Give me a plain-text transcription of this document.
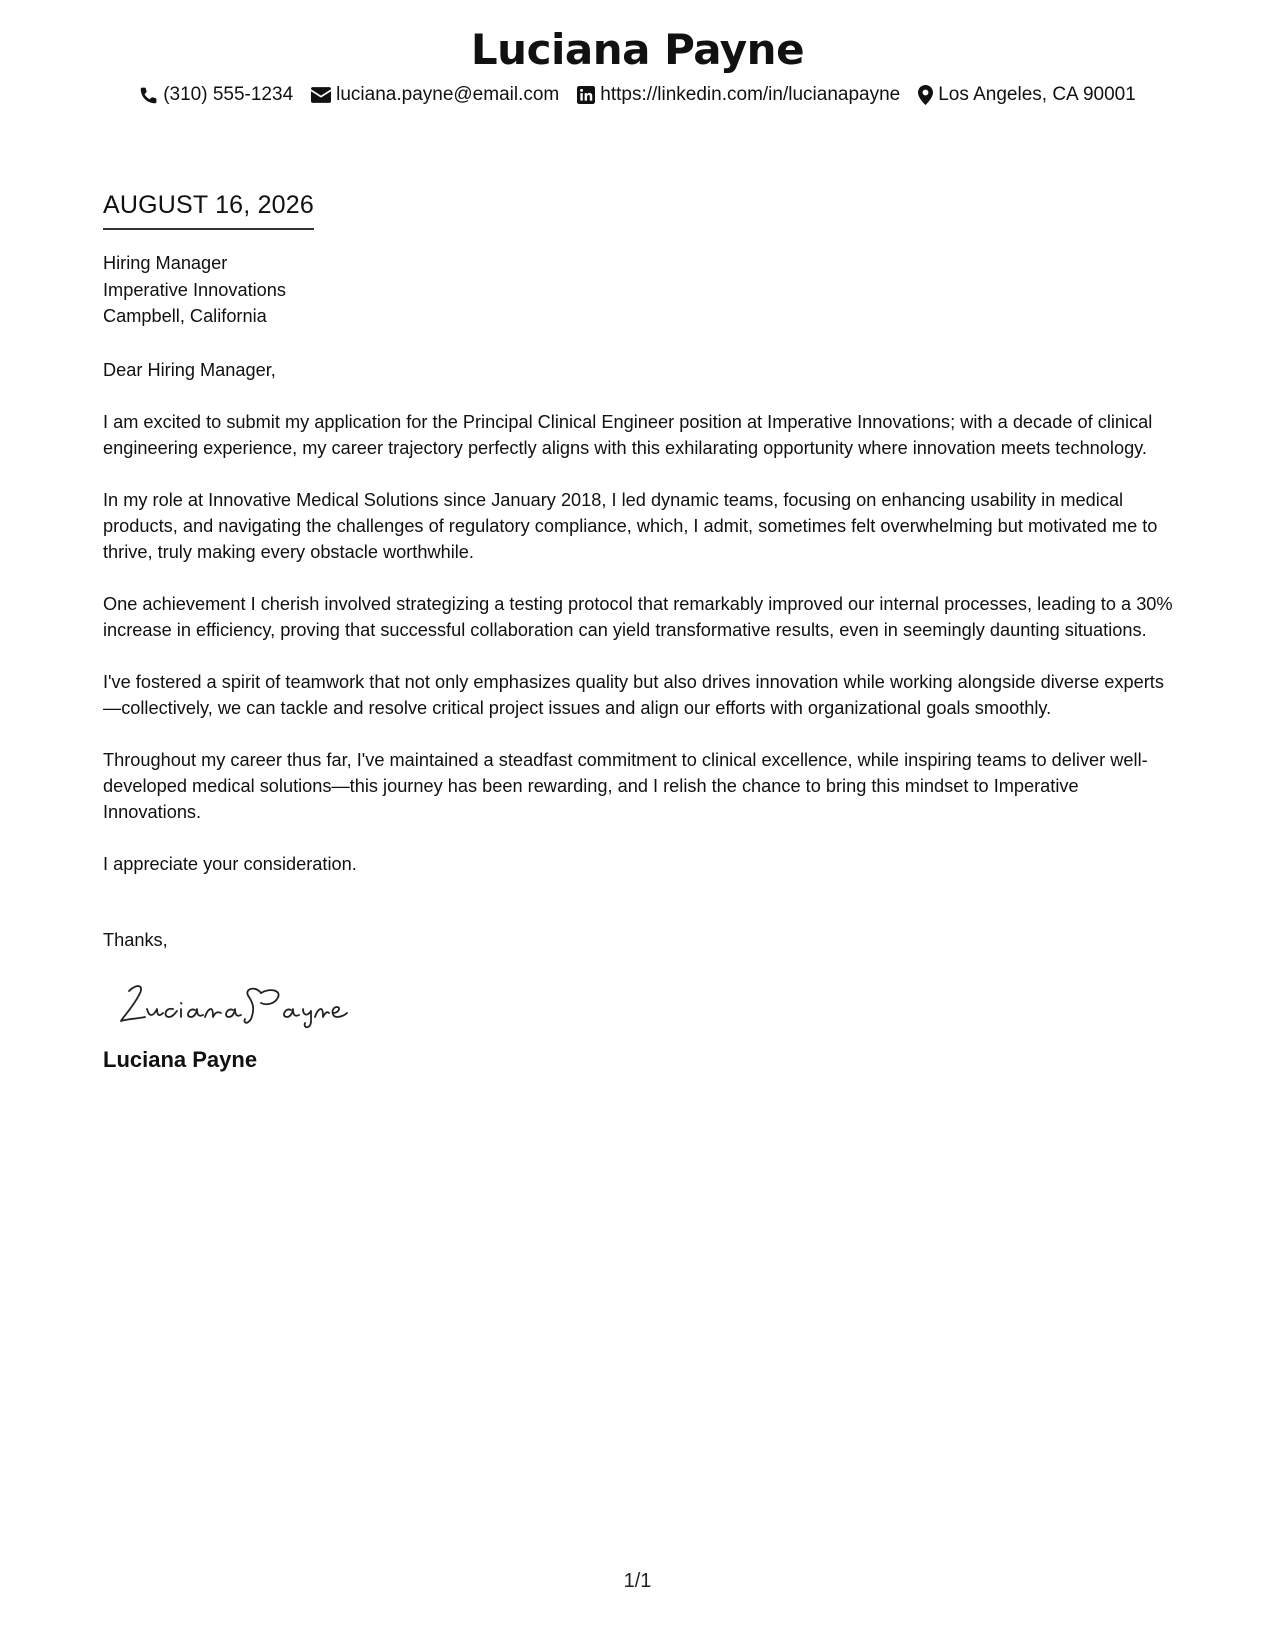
Luciana Payne
(310) 555-1234 luciana.payne@email.com https://linkedin.com/in/lucianapayne Los Angeles, CA 90001
AUGUST 16, 2026
Hiring Manager
Imperative Innovations
Campbell, California
Dear Hiring Manager,

I am excited to submit my application for the Principal Clinical Engineer position at Imperative Innovations; with a decade of clinical engineering experience, my career trajectory perfectly aligns with this exhilarating opportunity where innovation meets technology.

In my role at Innovative Medical Solutions since January 2018, I led dynamic teams, focusing on enhancing usability in medical products, and navigating the challenges of regulatory compliance, which, I admit, sometimes felt overwhelming but motivated me to thrive, truly making every obstacle worthwhile.

One achievement I cherish involved strategizing a testing protocol that remarkably improved our internal processes, leading to a 30% increase in efficiency, proving that successful collaboration can yield transformative results, even in seemingly daunting situations.

I've fostered a spirit of teamwork that not only emphasizes quality but also drives innovation while working alongside diverse experts—collectively, we can tackle and resolve critical project issues and align our efforts with organizational goals smoothly.

Throughout my career thus far, I've maintained a steadfast commitment to clinical excellence, while inspiring teams to deliver well-developed medical solutions—this journey has been rewarding, and I relish the chance to bring this mindset to Imperative Innovations.

I appreciate your consideration.

Thanks,
Luciana Payne
1/1
